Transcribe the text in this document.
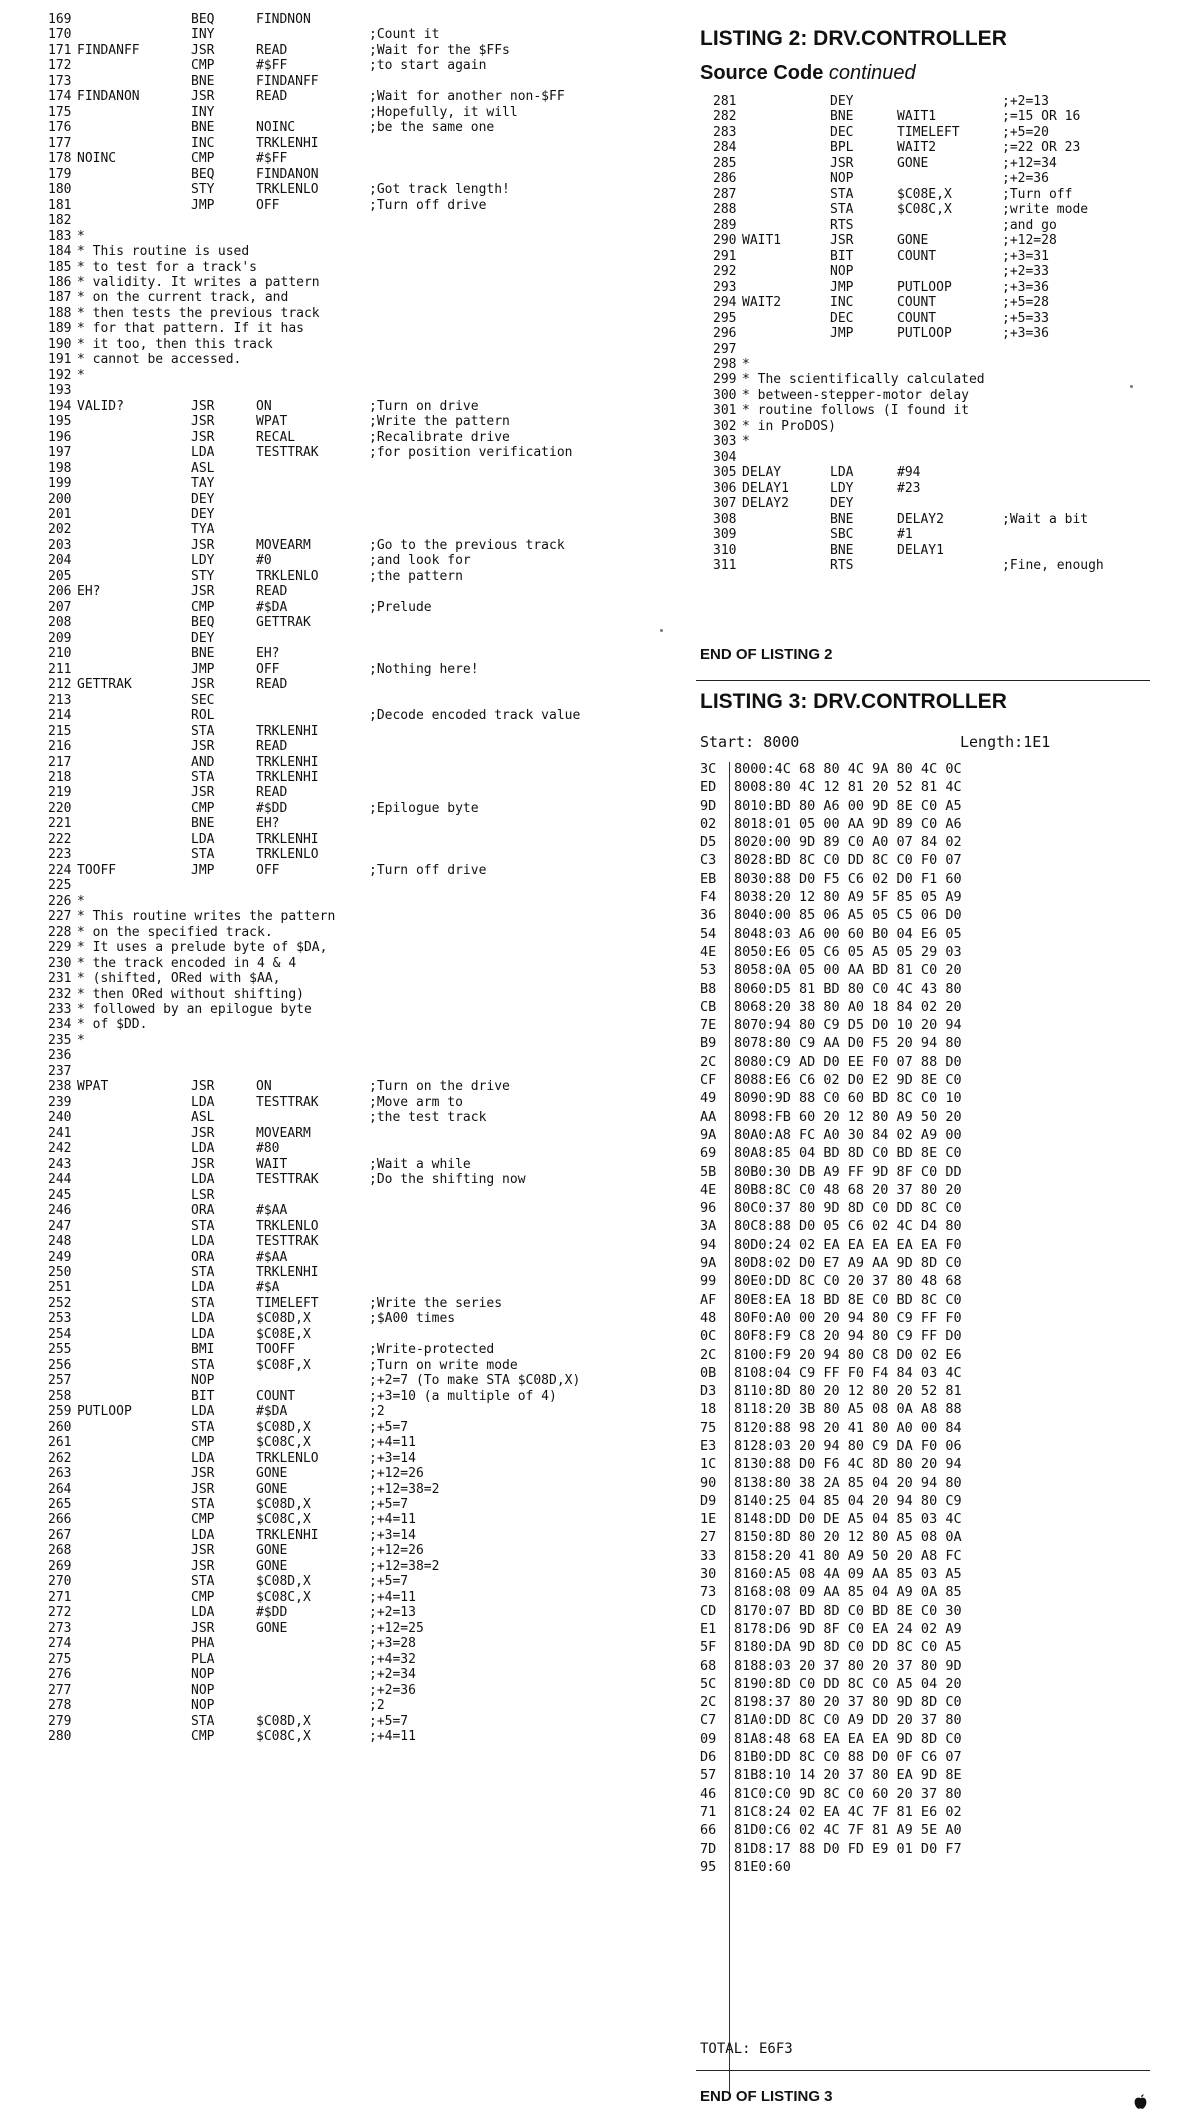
169	BEQ	FINDNON
170	INY	;Count it
171 FINDANFF	JSR	READ	;Wait for the $FFs
172	CMP	#$FF	;to start again
173	BNE	FINDANFF
174 FINDANON	JSR	READ	;Wait for another non-$FF
175	INY	;Hopefully, it will
176	BNE	NOINC	;be the same one
177	INC	TRKLENHI
178 NOINC	CMP	#$FF
179	BEQ	FINDANON
180	STY	TRKLENLO	;Got track length!
181	JMP	OFF	;Turn off drive
182
183 *
184 * This routine is used
185 * to test for a track's
186 * validity. It writes a pattern
187 * on the current track, and
188 * then tests the previous track
189 * for that pattern. If it has
190 * it too, then this track
191 * cannot be accessed.
192 *
193
194 VALID?	JSR	ON	;Turn on drive
195	JSR	WPAT	;Write the pattern
196	JSR	RECAL	;Recalibrate drive
197	LDA	TESTTRAK	;for position verification
198	ASL
199	TAY
200	DEY
201	DEY
202	TYA
203	JSR	MOVEARM	;Go to the previous track
204	LDY	#0	;and look for
205	STY	TRKLENLO	;the pattern
206 EH?	JSR	READ
207	CMP	#$DA	;Prelude
208	BEQ	GETTRAK
209	DEY
210	BNE	EH?
211	JMP	OFF	;Nothing here!
212 GETTRAK	JSR	READ
213	SEC
214	ROL	;Decode encoded track value
215	STA	TRKLENHI
216	JSR	READ
217	AND	TRKLENHI
218	STA	TRKLENHI
219	JSR	READ
220	CMP	#$DD	;Epilogue byte
221	BNE	EH?
222	LDA	TRKLENHI
223	STA	TRKLENLO
224 TOOFF	JMP	OFF	;Turn off drive
225
226 *
227 * This routine writes the pattern
228 * on the specified track.
229 * It uses a prelude byte of $DA,
230 * the track encoded in 4 & 4
231 * (shifted, ORed with $AA,
232 * then ORed without shifting)
233 * followed by an epilogue byte
234 * of $DD.
235 *
236
237
238 WPAT	JSR	ON	;Turn on the drive
239	LDA	TESTTRAK	;Move arm to
240	ASL	;the test track
241	JSR	MOVEARM
242	LDA	#80
243	JSR	WAIT	;Wait a while
244	LDA	TESTTRAK	;Do the shifting now
245	LSR
246	ORA	#$AA
247	STA	TRKLENLO
248	LDA	TESTTRAK
249	ORA	#$AA
250	STA	TRKLENHI
251	LDA	#$A
252	STA	TIMELEFT	;Write the series
253	LDA	$C08D,X	;$A00 times
254	LDA	$C08E,X
255	BMI	TOOFF	;Write-protected
256	STA	$C08F,X	;Turn on write mode
257	NOP	;+2=7 (To make STA $C08D,X)
258	BIT	COUNT	;+3=10 (a multiple of 4)
259 PUTLOOP	LDA	#$DA	;2
260	STA	$C08D,X	;+5=7
261	CMP	$C08C,X	;+4=11
262	LDA	TRKLENLO	;+3=14
263	JSR	GONE	;+12=26
264	JSR	GONE	;+12=38=2
265	STA	$C08D,X	;+5=7
266	CMP	$C08C,X	;+4=11
267	LDA	TRKLENHI	;+3=14
268	JSR	GONE	;+12=26
269	JSR	GONE	;+12=38=2
270	STA	$C08D,X	;+5=7
271	CMP	$C08C,X	;+4=11
272	LDA	#$DD	;+2=13
273	JSR	GONE	;+12=25
274	PHA	;+3=28
275	PLA	;+4=32
276	NOP	;+2=34
277	NOP	;+2=36
278	NOP	;2
279	STA	$C08D,X	;+5=7
280	CMP	$C08C,X	;+4=11
LISTING 2: DRV.CONTROLLER
Source Code continued
281	DEY	;+2=13
282	BNE	WAIT1	;=15 OR 16
283	DEC	TIMELEFT	;+5=20
284	BPL	WAIT2	;=22 OR 23
285	JSR	GONE	;+12=34
286	NOP	;+2=36
287	STA	$C08E,X	;Turn off
288	STA	$C08C,X	;write mode
289	RTS	;and go
290 WAIT1	JSR	GONE	;+12=28
291	BIT	COUNT	;+3=31
292	NOP	;+2=33
293	JMP	PUTLOOP	;+3=36
294 WAIT2	INC	COUNT	;+5=28
295	DEC	COUNT	;+5=33
296	JMP	PUTLOOP	;+3=36
297
298 *
299 * The scientifically calculated
300 * between-stepper-motor delay
301 * routine follows (I found it
302 * in ProDOS)
303 *
304
305 DELAY	LDA	#94
306 DELAY1	LDY	#23
307 DELAY2	DEY
308	BNE	DELAY2	;Wait a bit
309	SBC	#1
310	BNE	DELAY1
311	RTS	;Fine, enough
END OF LISTING 2
LISTING 3: DRV.CONTROLLER
Start: 8000	Length:1E1
3C 8000:4C 68 80 4C 9A 80 4C 0C
ED 8008:80 4C 12 81 20 52 81 4C
9D 8010:BD 80 A6 00 9D 8E C0 A5
02 8018:01 05 00 AA 9D 89 C0 A6
D5 8020:00 9D 89 C0 A0 07 84 02
C3 8028:BD 8C C0 DD 8C C0 F0 07
EB 8030:88 D0 F5 C6 02 D0 F1 60
F4 8038:20 12 80 A9 5F 85 05 A9
36 8040:00 85 06 A5 05 C5 06 D0
54 8048:03 A6 00 60 B0 04 E6 05
4E 8050:E6 05 C6 05 A5 05 29 03
53 8058:0A 05 00 AA BD 81 C0 20
B8 8060:D5 81 BD 80 C0 4C 43 80
CB 8068:20 38 80 A0 18 84 02 20
7E 8070:94 80 C9 D5 D0 10 20 94
B9 8078:80 C9 AA D0 F5 20 94 80
2C 8080:C9 AD D0 EE F0 07 88 D0
CF 8088:E6 C6 02 D0 E2 9D 8E C0
49 8090:9D 88 C0 60 BD 8C C0 10
AA 8098:FB 60 20 12 80 A9 50 20
9A 80A0:A8 FC A0 30 84 02 A9 00
69 80A8:85 04 BD 8D C0 BD 8E C0
5B 80B0:30 DB A9 FF 9D 8F C0 DD
4E 80B8:8C C0 48 68 20 37 80 20
96 80C0:37 80 9D 8D C0 DD 8C C0
3A 80C8:88 D0 05 C6 02 4C D4 80
94 80D0:24 02 EA EA EA EA EA F0
9A 80D8:02 D0 E7 A9 AA 9D 8D C0
99 80E0:DD 8C C0 20 37 80 48 68
AF 80E8:EA 18 BD 8E C0 BD 8C C0
48 80F0:A0 00 20 94 80 C9 FF F0
0C 80F8:F9 C8 20 94 80 C9 FF D0
2C 8100:F9 20 94 80 C8 D0 02 E6
0B 8108:04 C9 FF F0 F4 84 03 4C
D3 8110:8D 80 20 12 80 20 52 81
18 8118:20 3B 80 A5 08 0A A8 88
75 8120:88 98 20 41 80 A0 00 84
E3 8128:03 20 94 80 C9 DA F0 06
1C 8130:88 D0 F6 4C 8D 80 20 94
90 8138:80 38 2A 85 04 20 94 80
D9 8140:25 04 85 04 20 94 80 C9
1E 8148:DD D0 DE A5 04 85 03 4C
27 8150:8D 80 20 12 80 A5 08 0A
33 8158:20 41 80 A9 50 20 A8 FC
30 8160:A5 08 4A 09 AA 85 03 A5
73 8168:08 09 AA 85 04 A9 0A 85
CD 8170:07 BD 8D C0 BD 8E C0 30
E1 8178:D6 9D 8F C0 EA 24 02 A9
5F 8180:DA 9D 8D C0 DD 8C C0 A5
68 8188:03 20 37 80 20 37 80 9D
5C 8190:8D C0 DD 8C C0 A5 04 20
2C 8198:37 80 20 37 80 9D 8D C0
C7 81A0:DD 8C C0 A9 DD 20 37 80
09 81A8:48 68 EA EA EA 9D 8D C0
D6 81B0:DD 8C C0 88 D0 0F C6 07
57 81B8:10 14 20 37 80 EA 9D 8E
46 81C0:C0 9D 8C C0 60 20 37 80
71 81C8:24 02 EA 4C 7F 81 E6 02
66 81D0:C6 02 4C 7F 81 A9 5E A0
7D 81D8:17 88 D0 FD E9 01 D0 F7
95 81E0:60
TOTAL: E6F3
END OF LISTING 3
